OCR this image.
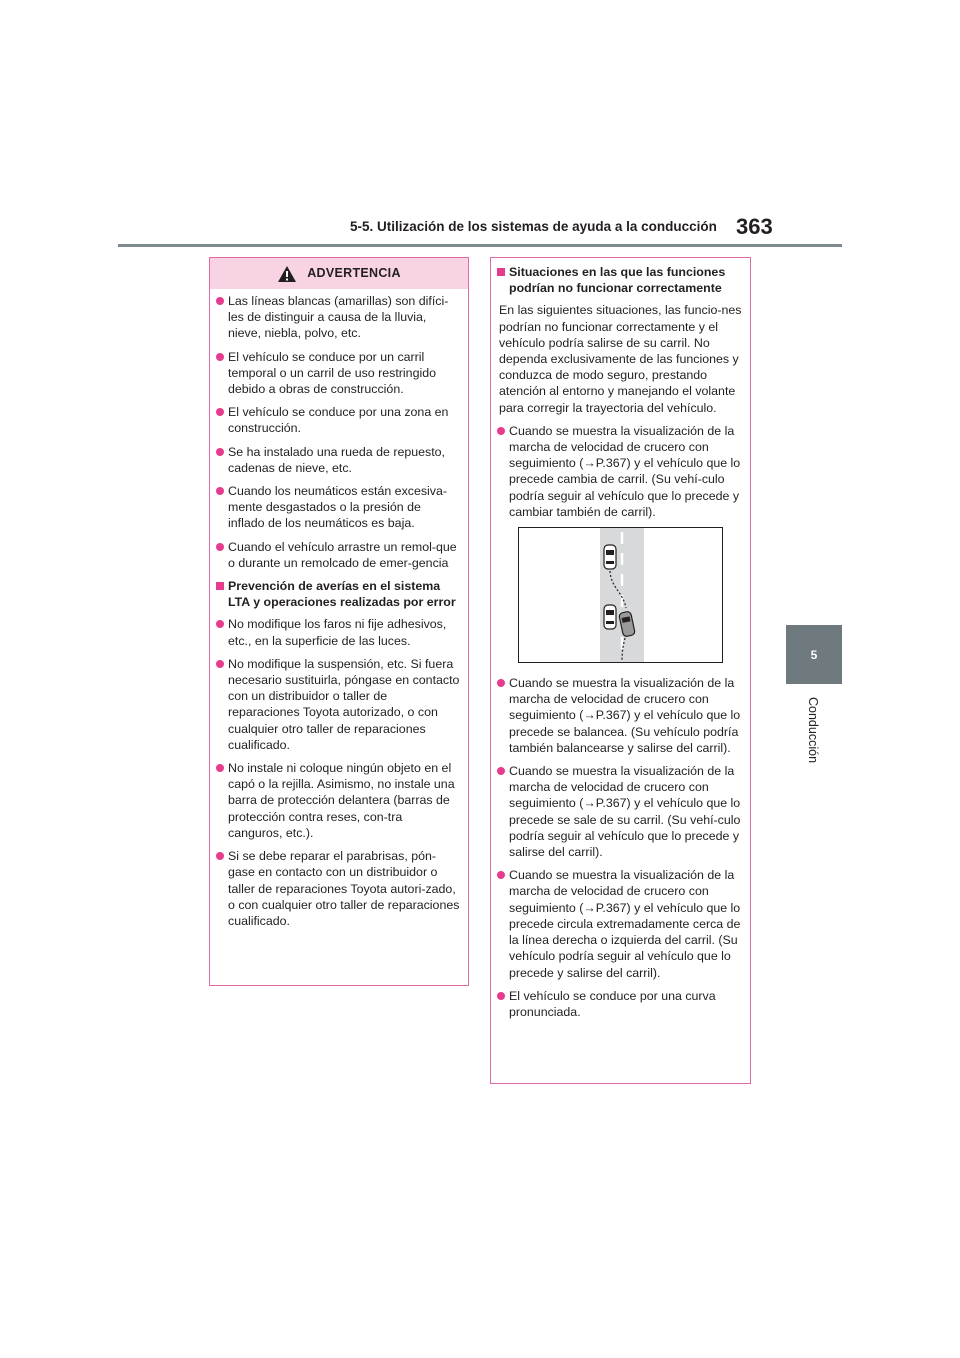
5-5. Utilización de los sistemas de ayuda a la conducción 363
5
Conducción
ADVERTENCIA
Las líneas blancas (amarillas) son difíci-les de distinguir a causa de la lluvia, nieve, niebla, polvo, etc.
El vehículo se conduce por un carril temporal o un carril de uso restringido debido a obras de construcción.
El vehículo se conduce por una zona en construcción.
Se ha instalado una rueda de repuesto, cadenas de nieve, etc.
Cuando los neumáticos están excesiva-mente desgastados o la presión de inflado de los neumáticos es baja.
Cuando el vehículo arrastre un remol-que o durante un remolcado de emer-gencia
Prevención de averías en el sistema LTA y operaciones realizadas por error
No modifique los faros ni fije adhesivos, etc., en la superficie de las luces.
No modifique la suspensión, etc. Si fuera necesario sustituirla, póngase en contacto con un distribuidor o taller de reparaciones Toyota autorizado, o con cualquier otro taller de reparaciones cualificado.
No instale ni coloque ningún objeto en el capó o la rejilla. Asimismo, no instale una barra de protección delantera (barras de protección contra reses, con-tra canguros, etc.).
Si se debe reparar el parabrisas, pón-gase en contacto con un distribuidor o taller de reparaciones Toyota autori-zado, o con cualquier otro taller de reparaciones cualificado.
Situaciones en las que las funciones podrían no funcionar correctamente
En las siguientes situaciones, las funcio-nes podrían no funcionar correctamente y el vehículo podría salirse de su carril. No dependa exclusivamente de las funciones y conduzca de modo seguro, prestando atención al entorno y manejando el volante para corregir la trayectoria del vehículo.
Cuando se muestra la visualización de la marcha de velocidad de crucero con seguimiento (→P.367) y el vehículo que lo precede cambia de carril. (Su vehí-culo podría seguir al vehículo que lo precede y cambiar también de carril).
Cuando se muestra la visualización de la marcha de velocidad de crucero con seguimiento (→P.367) y el vehículo que lo precede se balancea. (Su vehículo podría también balancearse y salirse del carril).
Cuando se muestra la visualización de la marcha de velocidad de crucero con seguimiento (→P.367) y el vehículo que lo precede se sale de su carril. (Su vehí-culo podría seguir al vehículo que lo precede y salirse del carril).
Cuando se muestra la visualización de la marcha de velocidad de crucero con seguimiento (→P.367) y el vehículo que lo precede circula extremadamente cerca de la línea derecha o izquierda del carril. (Su vehículo podría seguir al vehículo que lo precede y salirse del carril).
El vehículo se conduce por una curva pronunciada.
